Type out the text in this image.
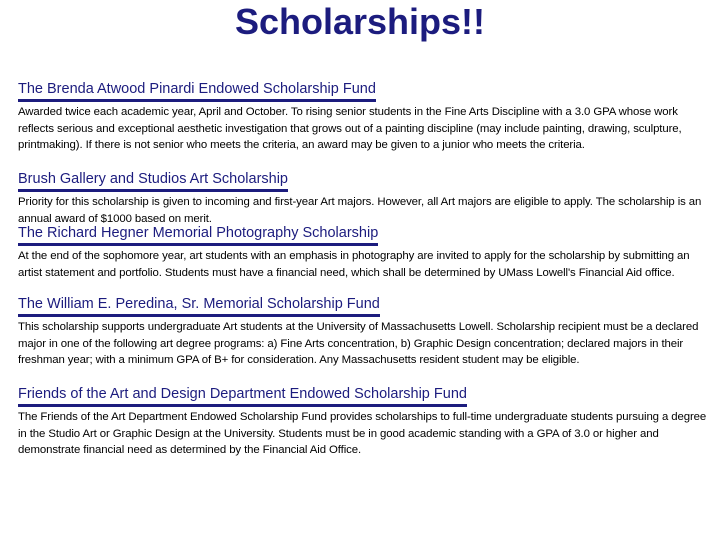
Scholarships!!
The Brenda Atwood Pinardi Endowed Scholarship Fund

Awarded twice each academic year, April and October. To rising senior students in the Fine Arts Discipline with a 3.0 GPA whose work reflects serious and exceptional aesthetic investigation that grows out of a painting discipline (may include painting, drawing, sculpture, printmaking). If there is not senior who meets the criteria, an award may be given to a junior who meets the criteria.

Brush Gallery and Studios Art Scholarship

Priority for this scholarship is given to incoming and first-year Art majors. However, all Art majors are eligible to apply. The scholarship is an annual award of $1000 based on merit.

The Richard Hegner Memorial Photography Scholarship

At the end of the sophomore year, art students with an emphasis in photography are invited to apply for the scholarship by submitting an artist statement and portfolio. Students must have a financial need, which shall be determined by UMass Lowell's Financial Aid office.

The William E. Peredina, Sr. Memorial Scholarship Fund

This scholarship supports undergraduate Art students at the University of Massachusetts Lowell. Scholarship recipient must be a declared major in one of the following art degree programs: a) Fine Arts concentration, b) Graphic Design concentration; declared majors in their freshman year; with a minimum GPA of B+ for consideration. Any Massachusetts resident student may be eligible.

Friends of the Art and Design Department Endowed Scholarship Fund

The Friends of the Art Department Endowed Scholarship Fund provides scholarships to full-time undergraduate students pursuing a degree in the Studio Art or Graphic Design at the University. Students must be in good academic standing with a GPA of 3.0 or higher and demonstrate financial need as determined by the Financial Aid Office.
